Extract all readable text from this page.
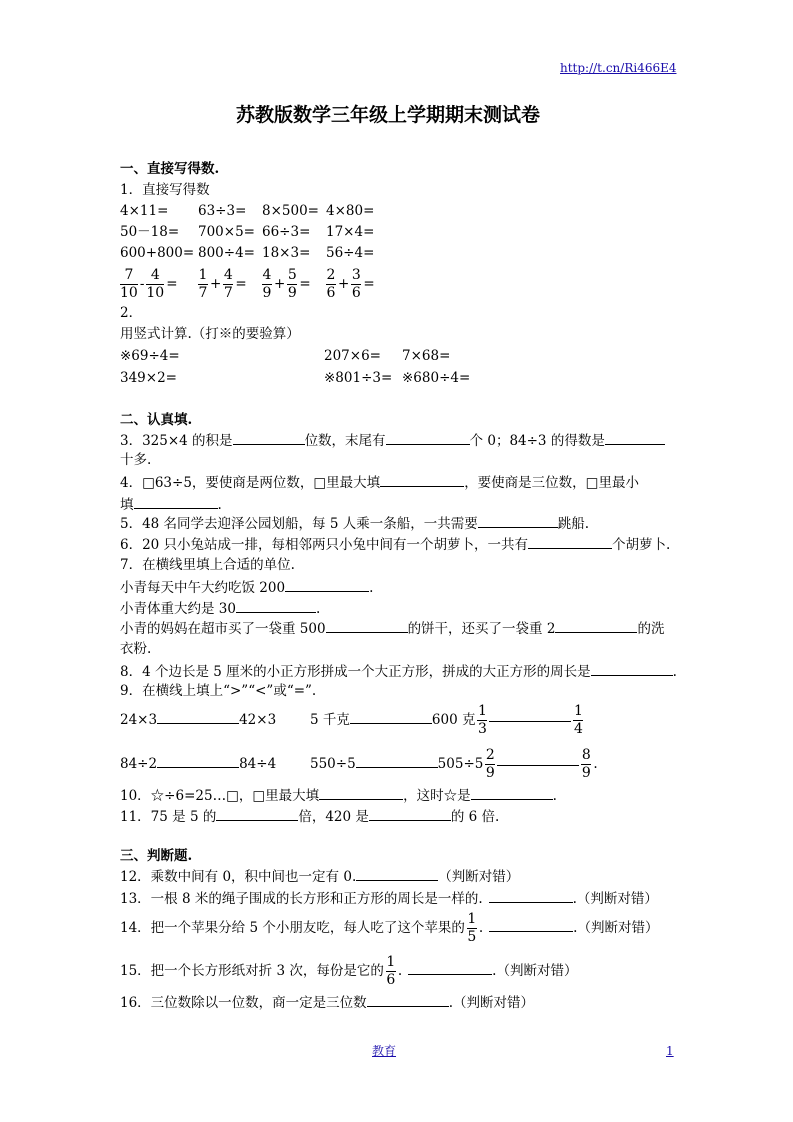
http://t.cn/Ri466E4
苏教版数学三年级上学期期末测试卷
一、直接写得数.
1．直接写得数
4×11= 63÷3= 8×500= 4×80=
50－18= 700×5= 66÷3= 17×4=
600+800= 800÷4= 18×3= 56÷4=
$\frac{7}{10} - \frac{4}{10} = \frac{1}{7} + \frac{4}{7} = \frac{4}{9} + \frac{5}{9} = \frac{2}{6} + \frac{3}{6}$ =
2．
用竖式计算.（打※的要验算）
※69÷4=	207×6= 7×68=
349×2=	※801÷3= ※680÷4=
二、认真填.
3．325×4 的积是	位数，末尾有	个 0；84÷3 的得数是
十多.
4．□63÷5，要使商是两位数，□里最大填	，要使商是三位数，□里最小
填	.
5．48 名同学去迎泽公园划船，每 5 人乘一条船，一共需要	跳船.
6．20 只小兔站成一排，每相邻两只小兔中间有一个胡萝卜，一共有	个胡萝卜.
7．在横线里填上合适的单位.
小青每天中午大约吃饭 200	.
小青体重大约是 30	.
小青的妈妈在超市买了一袋重 500	的饼干，还买了一袋重 2	的洗
衣粉.
8．4 个边长是 5 厘米的小正方形拼成一个大正方形，拼成的大正方形的周长是	.
9．在横线上填上“>”“<”或“=”.
24×3	42×3	5 千克	600 克 $\frac{1}{3}$	$\frac{1}{4}$
84÷2	84÷4	550÷5	$505\div 5 \frac{2}{9}$	$\frac{8}{9}$ .
10．☆÷6=25…□，□里最大填	，这时☆是	.
11．75 是 5 的	倍，420 是	的 6 倍.
三、判断题.
12．乘数中间有 0，积中间也一定有 0.	（判断对错）
13．一根 8 米的绳子围成的长方形和正方形的周长是一样的.	.（判断对错）
14．把一个苹果分给 5 个小朋友吃，每人吃了这个苹果的 $\frac{1}{5}$ .	.（判断对错）
15．把一个长方形纸对折 3 次，每份是它的 $\frac{1}{6}$ .	.（判断对错）
16．三位数除以一位数，商一定是三位数	.（判断对错）
教育	1
